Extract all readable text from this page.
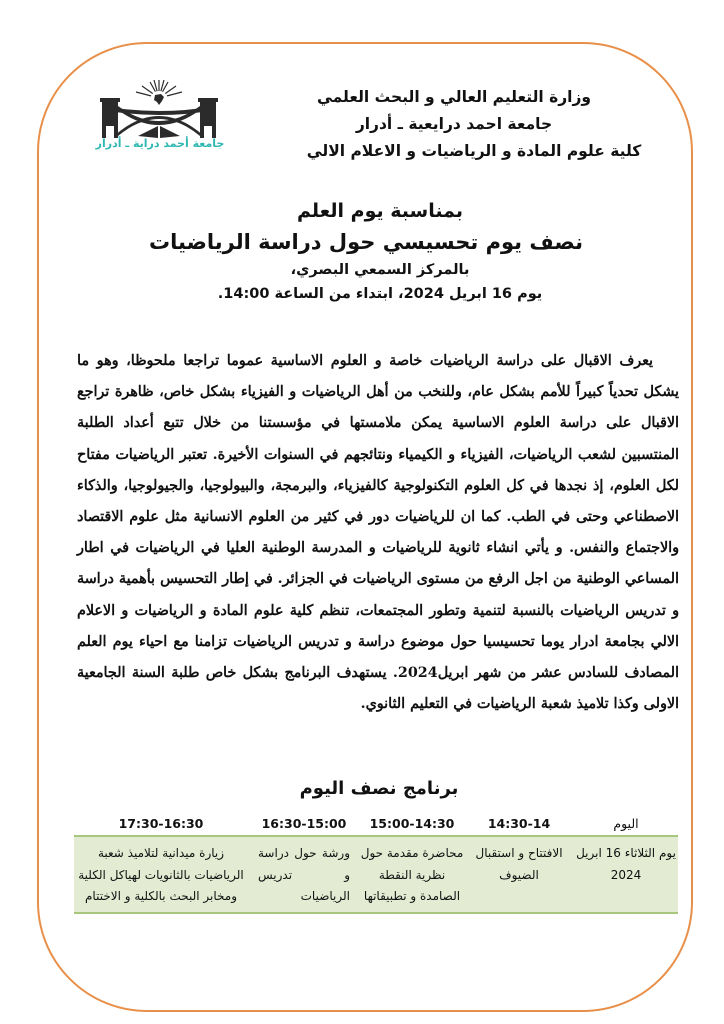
جامعة أحمد دراية ـ أدرار
وزارة التعليم العالي و البحث العلمي
جامعة احمد درايعية ـ أدرار
كلية علوم المادة و الرياضيات و الاعلام الالي
بمناسبة يوم العلم
نصف يوم تحسيسي حول دراسة الرياضيات
بالمركز السمعي البصري،
يوم 16 ابريل 2024، ابتداء من الساعة 14:00.
يعرف الاقبال على دراسة الرياضيات خاصة و العلوم الاساسية عموما تراجعا ملحوظا، وهو ما يشكل تحدياً كبيراً للأمم بشكل عام، وللنخب من أهل الرياضيات و الفيزياء بشكل خاص، ظاهرة تراجع الاقبال على دراسة العلوم الاساسية يمكن ملامستها في مؤسستنا من خلال تتبع أعداد الطلبة المنتسبين لشعب الرياضيات، الفيزياء و الكيمياء ونتائجهم في السنوات الأخيرة. تعتبر الرياضيات مفتاح لكل العلوم، إذ نجدها في كل العلوم التكنولوجية كالفيزياء، والبرمجة، والبيولوجيا، والجيولوجيا، والذكاء الاصطناعي وحتى في الطب. كما ان للرياضيات دور في كثير من العلوم الانسانية مثل علوم الاقتصاد والاجتماع والنفس. و يأتي انشاء ثانوية للرياضيات و المدرسة الوطنية العليا في الرياضيات في اطار المساعي الوطنية من اجل الرفع من مستوى الرياضيات في الجزائر. في إطار التحسيس بأهمية دراسة و تدريس الرياضيات بالنسبة لتنمية وتطور المجتمعات، تنظم كلية علوم المادة و الرياضيات و الاعلام الالي بجامعة ادرار يوما تحسيسيا حول موضوع دراسة و تدريس الرياضيات تزامنا مع احياء يوم العلم المصادف للسادس عشر من شهر ابريل2024. يستهدف البرنامج بشكل خاص طلبة السنة الجامعية الاولى وكذا تلاميذ شعبة الرياضيات في التعليم الثانوي.
برنامج نصف اليوم
اليوم
14:30-14
15:00-14:30
16:30-15:00
17:30-16:30
يوم الثلاثاء 16 ابريل 2024
الافتتاح و استقبال الضيوف
محاضرة مقدمة حول نظرية النقطة الصامدة و تطبيقاتها
ورشة حول دراسة و تدريس الرياضيات
زيارة ميدانية لتلاميذ شعبة الرياضيات بالثانويات لهياكل الكلية ومخابر البحث بالكلية و الاختتام
